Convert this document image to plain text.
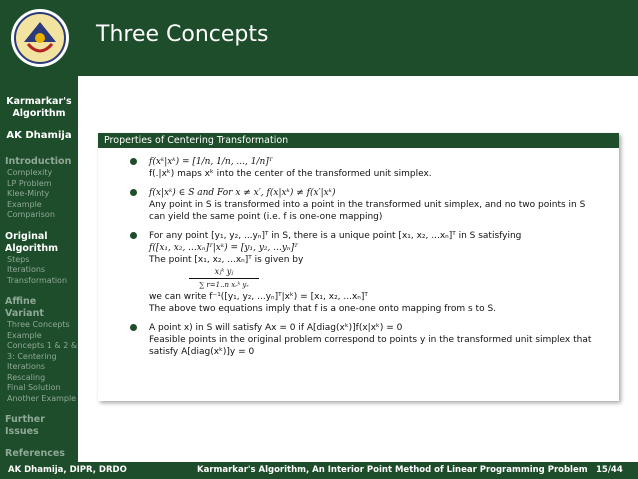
Three Concepts
Karmarkar's
Algorithm
AK Dhamija
Introduction
Complexity
LP Problem
Klee-Minty Example
Comparison
Original Algorithm
Steps
Iterations
Transformation
Affine Variant
Three Concepts
Example
Concepts 1 & 2 & 3: Centering
Iterations
Rescaling
Final Solution
Another Example
Further Issues
References
Properties of Centering Transformation
f(xᵏ|xᵏ) = [1/n, 1/n, ..., 1/n]ᵀ
f(.|xᵏ) maps xᵏ into the center of the transformed unit simplex.
f(x|xᵏ) ∈ S and For x ≠ x′, f(x|xᵏ) ≠ f(x′|xᵏ)
Any point in S is transformed into a point in the transformed unit simplex, and no two points in S
can yield the same point (i.e. f is one-one mapping)
For any point [y₁, y₂, ...yₙ]ᵀ in S, there is a unique point [x₁, x₂, ...xₙ]ᵀ in S satisfying
f([x₁, x₂, ...xₙ]ᵀ|xᵏ) = [y₁, y₂, ...yₙ]ᵀ
The point [x₁, x₂, ...xₙ]ᵀ is given by
xⱼᵏ yⱼ
∑ r=1..n xᵣᵏ yᵣ
we can write f⁻¹([y₁, y₂, ...yₙ]ᵀ|xᵏ) = [x₁, x₂, ...xₙ]ᵀ
The above two equations imply that f is a one-one onto mapping from s to S.
A point x) in S will satisfy Ax = 0 if A[diag(xᵏ)]f(x|xᵏ) = 0
Feasible points in the original problem correspond to points y in the transformed unit simplex that
satisfy A[diag(xᵏ)]y = 0
AK Dhamija, DIPR, DRDO	Karmarkar's Algorithm, An Interior Point Method of Linear Programming Problem 15/44
